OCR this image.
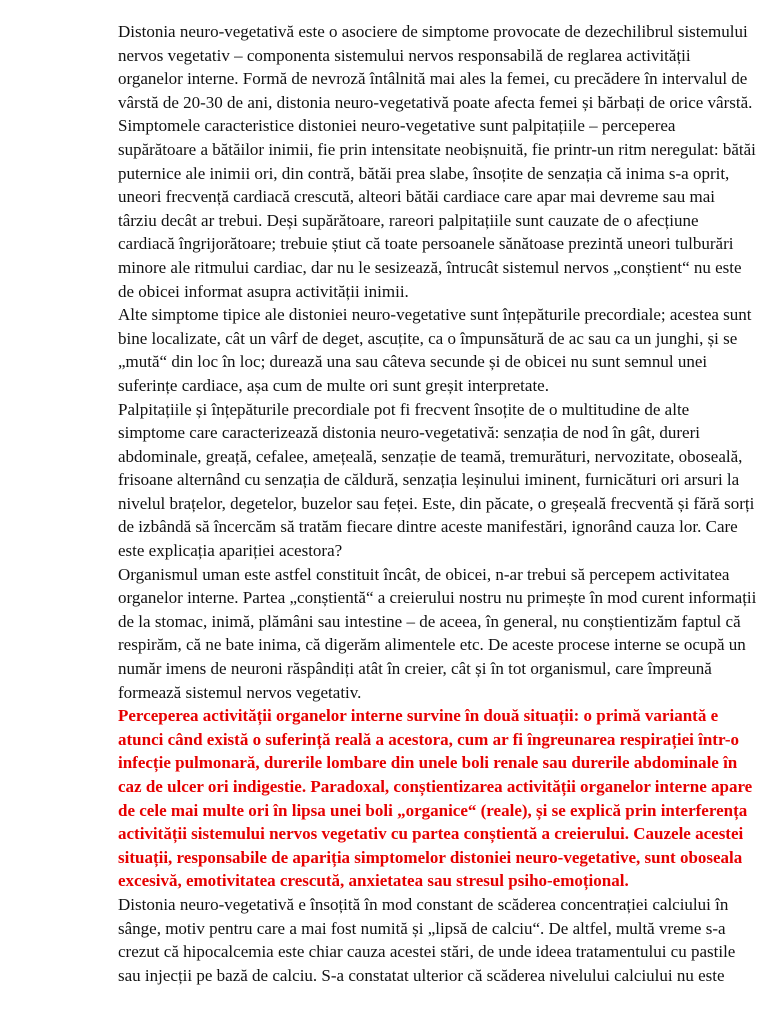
Distonia neuro-vegetativă este o asociere de simptome provocate de dezechilibrul sistemului
nervos vegetativ – componenta sistemului nervos responsabilă de reglarea activității
organelor interne. Formă de nevroză întâlnită mai ales la femei, cu precădere în intervalul de
vârstă de 20-30 de ani, distonia neuro-vegetativă poate afecta femei și bărbați de orice vârstă.
Simptomele caracteristice distoniei neuro-vegetative sunt palpitațiile – perceperea
supărătoare a bătăilor inimii, fie prin intensitate neobișnuită, fie printr-un ritm neregulat: bătăi
puternice ale inimii ori, din contră, bătăi prea slabe, însoțite de senzația că inima s-a oprit,
uneori frecvență cardiacă crescută, alteori bătăi cardiace care apar mai devreme sau mai
târziu decât ar trebui. Deși supărătoare, rareori palpitațiile sunt cauzate de o afecțiune
cardiacă îngrijorătoare; trebuie știut că toate persoanele sănătoase prezintă uneori tulburări
minore ale ritmului cardiac, dar nu le sesizează, întrucât sistemul nervos „conștient“ nu este
de obicei informat asupra activității inimii.
Alte simptome tipice ale distoniei neuro-vegetative sunt înțepăturile precordiale; acestea sunt
bine localizate, cât un vârf de deget, ascuțite, ca o împunsătură de ac sau ca un junghi, și se
„mută“ din loc în loc; durează una sau câteva secunde și de obicei nu sunt semnul unei
suferințe cardiace, așa cum de multe ori sunt greșit interpretate.
Palpitațiile și înțepăturile precordiale pot fi frecvent însoțite de o multitudine de alte
simptome care caracterizează distonia neuro-vegetativă: senzația de nod în gât, dureri
abdominale, greață, cefalee, amețeală, senzație de teamă, tremurături, nervozitate, oboseală,
frisoane alternând cu senzația de căldură, senzația leșinului iminent, furnicături ori arsuri la
nivelul brațelor, degetelor, buzelor sau feței. Este, din păcate, o greșeală frecventă și fără sorți
de izbândă să încercăm să tratăm fiecare dintre aceste manifestări, ignorând cauza lor. Care
este explicația apariției acestora?
Organismul uman este astfel constituit încât, de obicei, n-ar trebui să percepem activitatea
organelor interne. Partea „conștientă“ a creierului nostru nu primește în mod curent informații
de la stomac, inimă, plămâni sau intestine – de aceea, în general, nu conștientizăm faptul că
respirăm, că ne bate inima, că digerăm alimentele etc. De aceste procese interne se ocupă un
număr imens de neuroni răspândiți atât în creier, cât și în tot organismul, care împreună
formează sistemul nervos vegetativ.
Perceperea activității organelor interne survine în două situații: o primă variantă e
atunci când există o suferință reală a acestora, cum ar fi îngreunarea respirației într-o
infecție pulmonară, durerile lombare din unele boli renale sau durerile abdominale în
caz de ulcer ori indigestie. Paradoxal, conștientizarea activității organelor interne apare
de cele mai multe ori în lipsa unei boli „organice“ (reale), și se explică prin interferența
activității sistemului nervos vegetativ cu partea conștientă a creierului. Cauzele acestei
situații, responsabile de apariția simptomelor distoniei neuro-vegetative, sunt oboseala
excesivă, emotivitatea crescută, anxietatea sau stresul psiho-emoțional.
Distonia neuro-vegetativă e însoțită în mod constant de scăderea concentrației calciului în
sânge, motiv pentru care a mai fost numită și „lipsă de calciu“. De altfel, multă vreme s-a
crezut că hipocalcemia este chiar cauza acestei stări, de unde ideea tratamentului cu pastile
sau injecții pe bază de calciu. S-a constatat ulterior că scăderea nivelului calciului nu este
